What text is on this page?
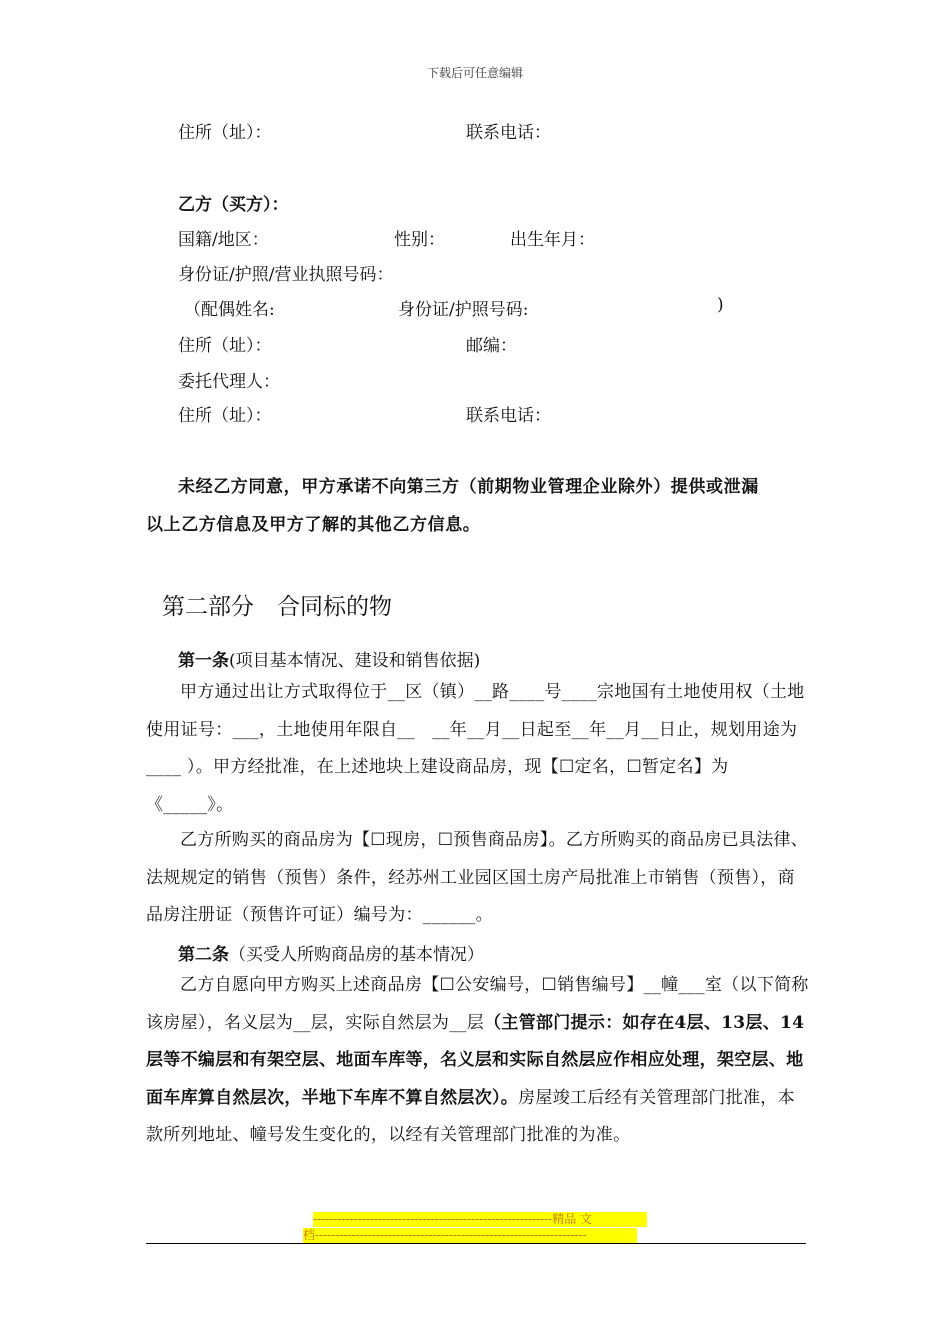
下载后可任意编辑
住所（址）：	联系电话：
乙方（买方）：
国籍/地区：	性别：	出生年月：
身份证/护照/营业执照号码：
（配偶姓名:	身份证/护照号码:	)
住所（址）：	邮编：
委托代理人：
住所（址）：	联系电话：
未经乙方同意，甲方承诺不向第三方（前期物业管理企业除外）提供或泄漏
以上乙方信息及甲方了解的其他乙方信息。
第二部分　合同标的物
第一条(项目基本情况、建设和销售依据)
甲方通过出让方式取得位于__区（镇）__路____号____宗地国有土地使用权（土地使用证号：___，土地使用年限自__　__年__月__日起至__年__月__日止，规划用途为____ ）。甲方经批准，在上述地块上建设商品房，现【☐定名，☐暂定名】为《_____》。
乙方所购买的商品房为【☐现房，☐预售商品房】。乙方所购买的商品房已具法律、法规规定的销售（预售）条件，经苏州工业园区国土房产局批准上市销售（预售），商品房注册证（预售许可证）编号为：______。
第二条（买受人所购商品房的基本情况）
乙方自愿向甲方购买上述商品房【☐公安编号，☐销售编号】__幢___室（以下简称该房屋），名义层为__层，实际自然层为__层（主管部门提示：如存在4层、13层、14层等不编层和有架空层、地面车库等，名义层和实际自然层应作相应处理，架空层、地面车库算自然层次，半地下车库不算自然层次）。房屋竣工后经有关管理部门批准，本款所列地址、幢号发生变化的，以经有关管理部门批准的为准。
-----------------------------------------------------------精品 文
档-------------------------------------------------------------------
